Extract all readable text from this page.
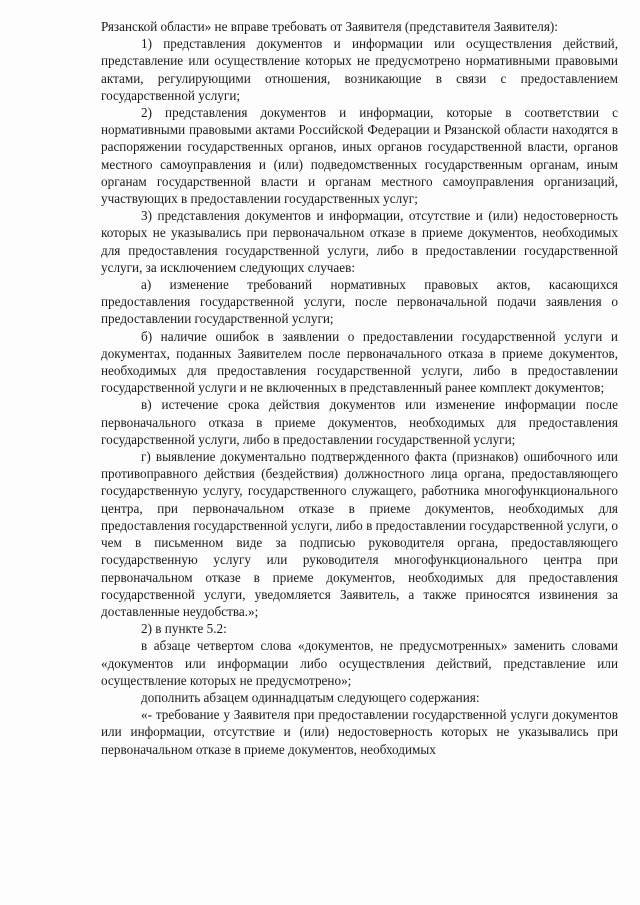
Рязанской области» не вправе требовать от Заявителя (представителя Заявителя):

1) представления документов и информации или осуществления действий, представление или осуществление которых не предусмотрено нормативными правовыми актами, регулирующими отношения, возникающие в связи с предоставлением государственной услуги;

2) представления документов и информации, которые в соответствии с нормативными правовыми актами Российской Федерации и Рязанской области находятся в распоряжении государственных органов, иных органов государственной власти, органов местного самоуправления и (или) подведомственных государственным органам, иным органам государственной власти и органам местного самоуправления организаций, участвующих в предоставлении государственных услуг;

3) представления документов и информации, отсутствие и (или) недостоверность которых не указывались при первоначальном отказе в приеме документов, необходимых для предоставления государственной услуги, либо в предоставлении государственной услуги, за исключением следующих случаев:

а) изменение требований нормативных правовых актов, касающихся предоставления государственной услуги, после первоначальной подачи заявления о предоставлении государственной услуги;

б) наличие ошибок в заявлении о предоставлении государственной услуги и документах, поданных Заявителем после первоначального отказа в приеме документов, необходимых для предоставления государственной услуги, либо в предоставлении государственной услуги и не включенных в представленный ранее комплект документов;

в) истечение срока действия документов или изменение информации после первоначального отказа в приеме документов, необходимых для предоставления государственной услуги, либо в предоставлении государственной услуги;

г) выявление документально подтвержденного факта (признаков) ошибочного или противоправного действия (бездействия) должностного лица органа, предоставляющего государственную услугу, государственного служащего, работника многофункционального центра, при первоначальном отказе в приеме документов, необходимых для предоставления государственной услуги, либо в предоставлении государственной услуги, о чем в письменном виде за подписью руководителя органа, предоставляющего государственную услугу или руководителя многофункционального центра при первоначальном отказе в приеме документов, необходимых для предоставления государственной услуги, уведомляется Заявитель, а также приносятся извинения за доставленные неудобства.»;

2) в пункте 5.2:

в абзаце четвертом слова «документов, не предусмотренных» заменить словами «документов или информации либо осуществления действий, представление или осуществление которых не предусмотрено»;

дополнить абзацем одиннадцатым следующего содержания:

«- требование у Заявителя при предоставлении государственной услуги документов или информации, отсутствие и (или) недостоверность которых не указывались при первоначальном отказе в приеме документов, необходимых
